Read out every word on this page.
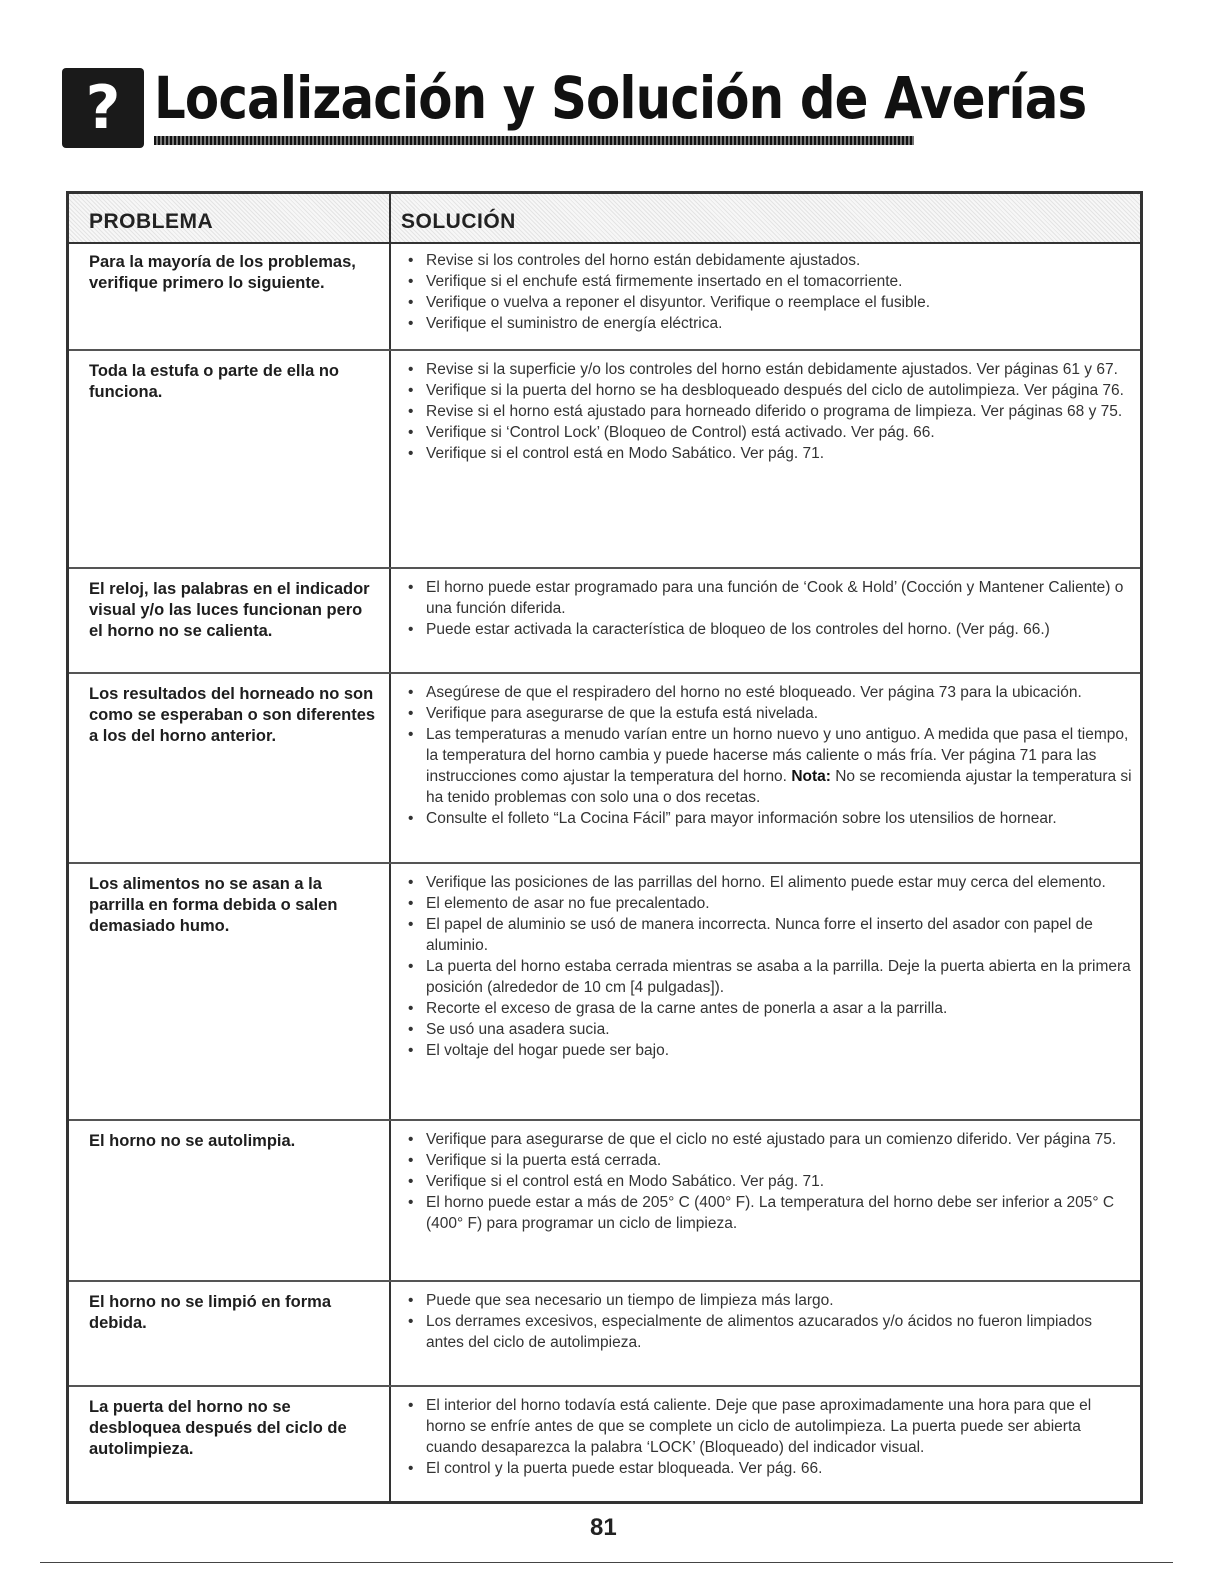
? Localización y Solución de Averías
PROBLEMA	SOLUCIÓN
Para la mayoría de los problemas, verifique primero lo siguiente.
• Revise si los controles del horno están debidamente ajustados.
• Verifique si el enchufe está firmemente insertado en el tomacorriente.
• Verifique o vuelva a reponer el disyuntor. Verifique o reemplace el fusible.
• Verifique el suministro de energía eléctrica.
Toda la estufa o parte de ella no funciona.
• Revise si la superficie y/o los controles del horno están debidamente ajustados. Ver páginas 61 y 67.
• Verifique si la puerta del horno se ha desbloqueado después del ciclo de autolimpieza. Ver página 76.
• Revise si el horno está ajustado para horneado diferido o programa de limpieza. Ver páginas 68 y 75.
• Verifique si ‘Control Lock’ (Bloqueo de Control) está activado. Ver pág. 66.
• Verifique si el control está en Modo Sabático. Ver pág. 71.
El reloj, las palabras en el indicador visual y/o las luces funcionan pero el horno no se calienta.
• El horno puede estar programado para una función de ‘Cook & Hold’ (Cocción y Mantener Caliente) o una función diferida.
• Puede estar activada la característica de bloqueo de los controles del horno. (Ver pág. 66.)
Los resultados del horneado no son como se esperaban o son diferentes a los del horno anterior.
• Asegúrese de que el respiradero del horno no esté bloqueado. Ver página 73 para la ubicación.
• Verifique para asegurarse de que la estufa está nivelada.
• Las temperaturas a menudo varían entre un horno nuevo y uno antiguo. A medida que pasa el tiempo, la temperatura del horno cambia y puede hacerse más caliente o más fría. Ver página 71 para las instrucciones como ajustar la temperatura del horno. Nota: No se recomienda ajustar la temperatura si ha tenido problemas con solo una o dos recetas.
• Consulte el folleto “La Cocina Fácil” para mayor información sobre los utensilios de hornear.
Los alimentos no se asan a la parrilla en forma debida o salen demasiado humo.
• Verifique las posiciones de las parrillas del horno. El alimento puede estar muy cerca del elemento.
• El elemento de asar no fue precalentado.
• El papel de aluminio se usó de manera incorrecta. Nunca forre el inserto del asador con papel de aluminio.
• La puerta del horno estaba cerrada mientras se asaba a la parrilla. Deje la puerta abierta en la primera posición (alrededor de 10 cm [4 pulgadas]).
• Recorte el exceso de grasa de la carne antes de ponerla a asar a la parrilla.
• Se usó una asadera sucia.
• El voltaje del hogar puede ser bajo.
El horno no se autolimpia.
•	Verifique para asegurarse de que el ciclo no esté ajustado para un comienzo diferido. Ver página 75.
• Verifique si la puerta está cerrada.
• Verifique si el control está en Modo Sabático. Ver pág. 71.
• El horno puede estar a más de 205° C (400° F). La temperatura del horno debe ser inferior a 205° C (400° F) para programar un ciclo de limpieza.
El horno no se limpió en forma debida.
• Puede que sea necesario un tiempo de limpieza más largo.
• Los derrames excesivos, especialmente de alimentos azucarados y/o ácidos no fueron limpiados antes del ciclo de autolimpieza.
La puerta del horno no se desbloquea después del ciclo de autolimpieza.
• El interior del horno todavía está caliente. Deje que pase aproximadamente una hora para que el horno se enfríe antes de que se complete un ciclo de autolimpieza. La puerta puede ser abierta cuando desaparezca la palabra ‘LOCK’ (Bloqueado) del indicador visual.
• El control y la puerta puede estar bloqueada. Ver pág. 66.
81
